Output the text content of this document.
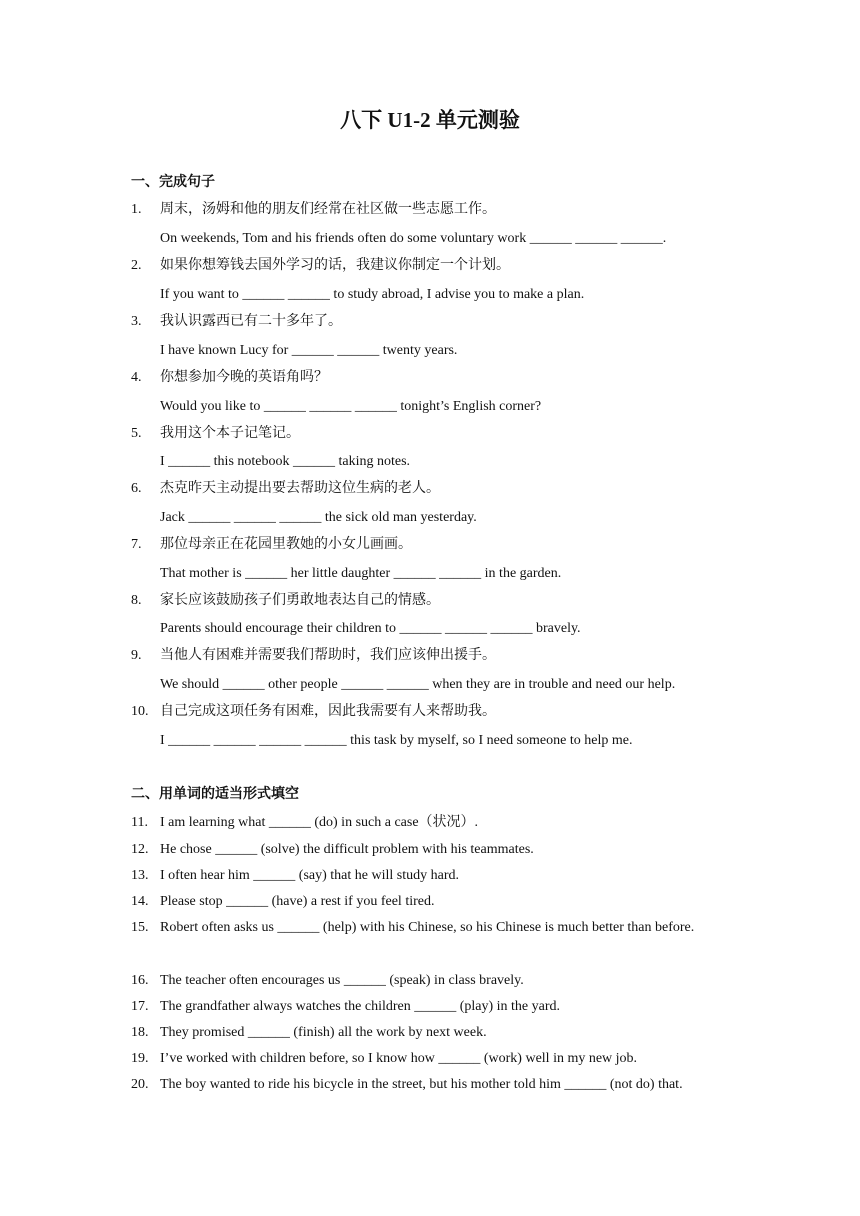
八下 U1-2 单元测验
一、完成句子
1.	周末，汤姆和他的朋友们经常在社区做一些志愿工作。
On weekends, Tom and his friends often do some voluntary work ______ ______ ______.
2.	如果你想筹钱去国外学习的话，我建议你制定一个计划。
If you want to ______ ______ to study abroad, I advise you to make a plan.
3.	我认识露西已有二十多年了。
I have known Lucy for ______ ______ twenty years.
4.	你想参加今晚的英语角吗？
Would you like to ______ ______ ______ tonight’s English corner?
5.	我用这个本子记笔记。
I ______ this notebook ______ taking notes.
6.	杰克昨天主动提出要去帮助这位生病的老人。
Jack ______ ______ ______ the sick old man yesterday.
7.	那位母亲正在花园里教她的小女儿画画。
That mother is ______ her little daughter ______ ______ in the garden.
8.	家长应该鼓励孩子们勇敢地表达自己的情感。
Parents should encourage their children to ______ ______ ______ bravely.
9.	当他人有困难并需要我们帮助时，我们应该伸出援手。
We should ______ other people ______ ______ when they are in trouble and need our help.
10. 自己完成这项任务有困难，因此我需要有人来帮助我。
I ______ ______ ______ ______ this task by myself, so I need someone to help me.
二、用单词的适当形式填空
11. I am learning what ______ (do) in such a case（状况）.
12. He chose ______ (solve) the difficult problem with his teammates.
13. I often hear him ______ (say) that he will study hard.
14. Please stop ______ (have) a rest if you feel tired.
15. Robert often asks us ______ (help) with his Chinese, so his Chinese is much better than before.
16. The teacher often encourages us ______ (speak) in class bravely.
17. The grandfather always watches the children ______ (play) in the yard.
18. They promised ______ (finish) all the work by next week.
19. I’ve worked with children before, so I know how ______ (work) well in my new job.
20. The boy wanted to ride his bicycle in the street, but his mother told him ______ (not do) that.
